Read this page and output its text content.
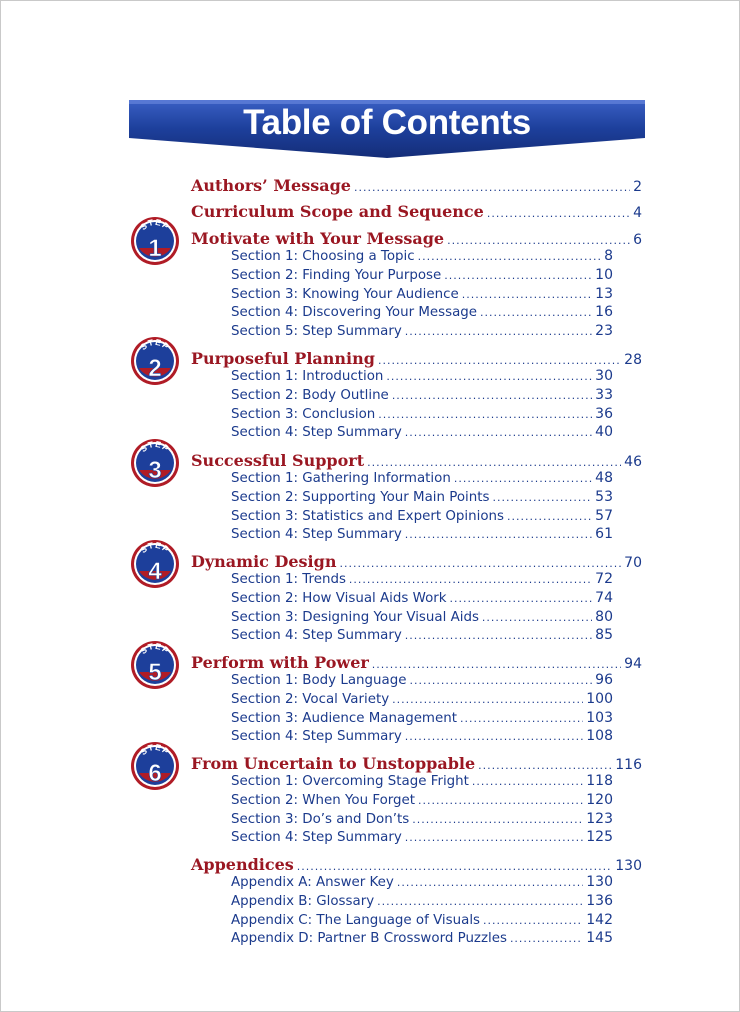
Table of Contents
Authors’ Message .....	2
Curriculum Scope and Sequence .....	4
Motivate with Your Message .....	6
STEP
1	Section 1: Choosing a Topic .....	8
Section 2: Finding Your Purpose .....	10
Section 3: Knowing Your Audience .....	13
Section 4: Discovering Your Message .....	16
Section 5: Step Summary .....	23
Purposeful Planning .....	28
STEP
2	Section 1: Introduction .....	30
Section 2: Body Outline .....	33
Section 3: Conclusion .....	36
Section 4: Step Summary .....	40
Successful Support .....	46
STEP
3	Section 1: Gathering Information .....	48
Section 2: Supporting Your Main Points .....	53
Section 3: Statistics and Expert Opinions .....	57
Section 4: Step Summary .....	61
Dynamic Design .....	70
STEP
4	Section 1: Trends .....	72
Section 2: How Visual Aids Work .....	74
Section 3: Designing Your Visual Aids .....	80
Section 4: Step Summary .....	85
Perform with Power .....	94
STEP
5	Section 1: Body Language .....	96
Section 2: Vocal Variety .....	100
Section 3: Audience Management .....	103
Section 4: Step Summary .....	108
From Uncertain to Unstoppable .....	116
STEP
6	Section 1: Overcoming Stage Fright .....	118
Section 2: When You Forget .....	120
Section 3: Do’s and Don’ts .....	123
Section 4: Step Summary .....	125
Appendices .....	130
Appendix A: Answer Key .....	130
Appendix B: Glossary .....	136
Appendix C: The Language of Visuals .....	142
Appendix D: Partner B Crossword Puzzles .....	145
